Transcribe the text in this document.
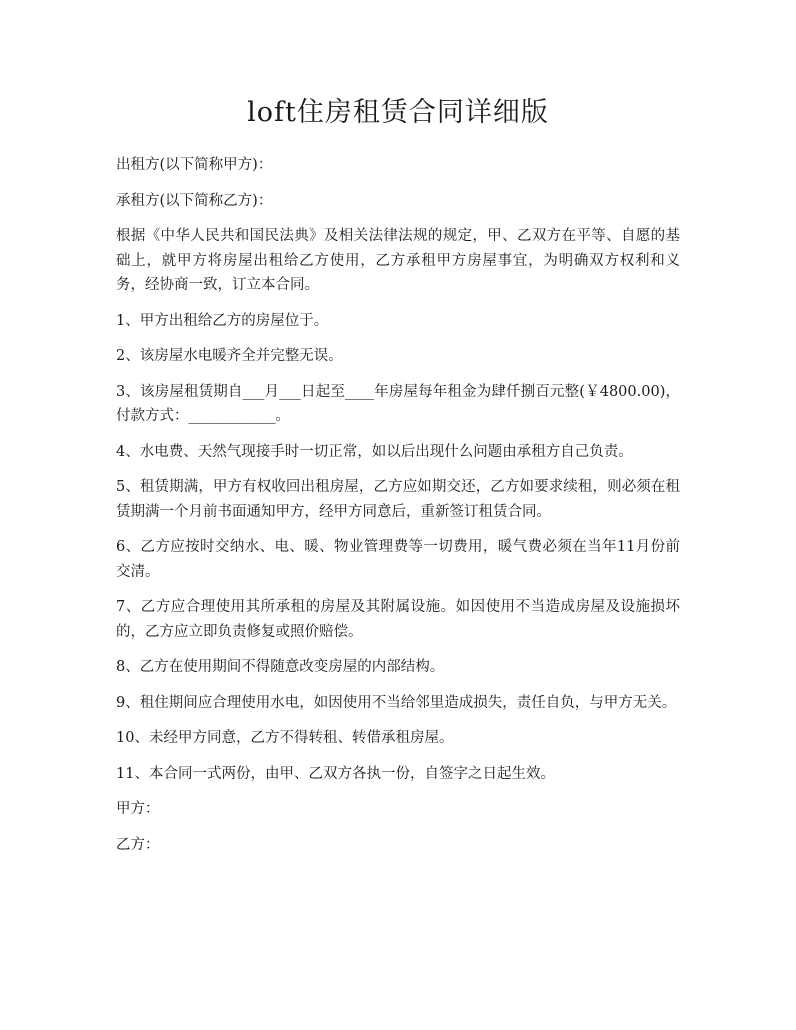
loft住房租赁合同详细版

出租方(以下简称甲方)：

承租方(以下简称乙方)：

根据《中华人民共和国民法典》及相关法律法规的规定，甲、乙双方在平等、自愿的基础上，就甲方将房屋出租给乙方使用，乙方承租甲方房屋事宜，为明确双方权利和义务，经协商一致，订立本合同。

1、甲方出租给乙方的房屋位于。

2、该房屋水电暖齐全并完整无误。

3、该房屋租赁期自___月___日起至____年房屋每年租金为肆仟捌百元整(￥4800.00)，付款方式：____________。

4、水电费、天然气现接手时一切正常，如以后出现什么问题由承租方自己负责。

5、租赁期满，甲方有权收回出租房屋，乙方应如期交还，乙方如要求续租，则必须在租赁期满一个月前书面通知甲方，经甲方同意后，重新签订租赁合同。

6、乙方应按时交纳水、电、暖、物业管理费等一切费用，暖气费必须在当年11月份前交清。

7、乙方应合理使用其所承租的房屋及其附属设施。如因使用不当造成房屋及设施损坏的，乙方应立即负责修复或照价赔偿。

8、乙方在使用期间不得随意改变房屋的内部结构。

9、租住期间应合理使用水电，如因使用不当给邻里造成损失，责任自负，与甲方无关。

10、未经甲方同意，乙方不得转租、转借承租房屋。

11、本合同一式两份，由甲、乙双方各执一份，自签字之日起生效。

甲方：

乙方：
